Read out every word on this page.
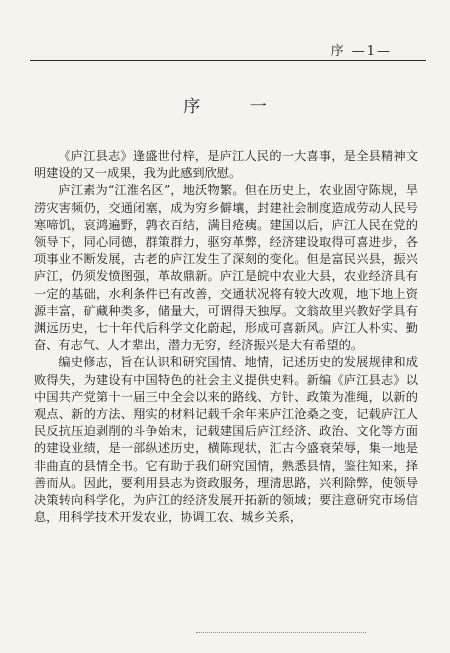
序 —1—
序 一

《庐江县志》逢盛世付梓，是庐江人民的一大喜事，是全县精神文明建设的又一成果，我为此感到欣慰。

庐江素为“江淮名区”，地沃物繁。但在历史上，农业固守陈规，旱涝灾害频仍，交通闭塞，成为穷乡僻壤，封建社会制度造成劳动人民号寒啼饥，哀鸿遍野，鹑衣百结，满目疮痍。建国以后，庐江人民在党的领导下，同心同德，群策群力，驱穷革弊，经济建设取得可喜进步，各项事业不断发展，古老的庐江发生了深刻的变化。但是富民兴县，振兴庐江，仍须发愤图强，革故鼎新。庐江是皖中农业大县，农业经济具有一定的基础，水利条件已有改善，交通状况将有较大改观，地下地上资源丰富，矿藏种类多，储量大，可谓得天独厚。文翁故里兴教好学具有渊远历史，七十年代后科学文化蔚起，形成可喜新风。庐江人朴实、勤奋、有志气、人才辈出，潜力无穷，经济振兴是大有希望的。

编史修志，旨在认识和研究国情、地情，记述历史的发展规律和成败得失，为建设有中国特色的社会主义提供史料。新编《庐江县志》以中国共产党第十一届三中全会以来的路线、方针、政策为准绳，以新的观点、新的方法、翔实的材料记载千余年来庐江沧桑之变，记载庐江人民反抗压迫剥削的斗争始末，记载建国后庐江经济、政治、文化等方面的建设业绩，是一部纵述历史，横陈现状，汇古今盛衰荣辱，集一地是非曲直的县情全书。它有助于我们研究国情，熟悉县情，鉴往知来，择善而从。因此，要利用县志为资政服务，理清思路，兴利除弊，使领导决策转向科学化，为庐江的经济发展开拓新的领域；要注意研究市场信息，用科学技术开发农业，协调工农、城乡关系，
